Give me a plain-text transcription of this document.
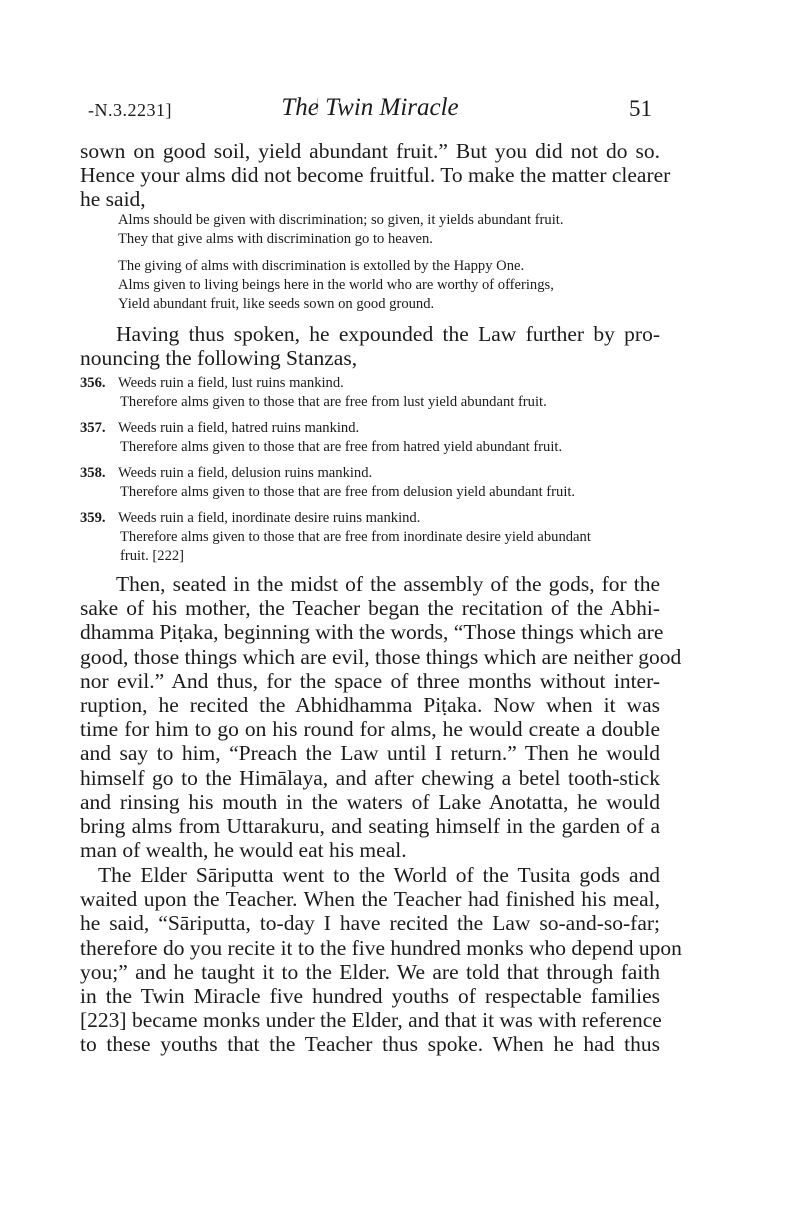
-N.3.2231]	The Twin Miracle	51
sown on good soil, yield abundant fruit.” But you did not do so.
Hence your alms did not become fruitful. To make the matter clearer
he said,
Alms should be given with discrimination; so given, it yields abundant fruit.
They that give alms with discrimination go to heaven.
The giving of alms with discrimination is extolled by the Happy One.
Alms given to living beings here in the world who are worthy of offerings,
Yield abundant fruit, like seeds sown on good ground.
Having thus spoken, he expounded the Law further by pro-
nouncing the following Stanzas,
356. Weeds ruin a field, lust ruins mankind.
Therefore alms given to those that are free from lust yield abundant fruit.
357. Weeds ruin a field, hatred ruins mankind.
Therefore alms given to those that are free from hatred yield abundant fruit.
358. Weeds ruin a field, delusion ruins mankind.
Therefore alms given to those that are free from delusion yield abundant fruit.
359. Weeds ruin a field, inordinate desire ruins mankind.
Therefore alms given to those that are free from inordinate desire yield abundant
fruit. [222]
Then, seated in the midst of the assembly of the gods, for the
sake of his mother, the Teacher began the recitation of the Abhi-
dhamma Piṭaka, beginning with the words, “Those things which are
good, those things which are evil, those things which are neither good
nor evil.” And thus, for the space of three months without inter-
ruption, he recited the Abhidhamma Piṭaka. Now when it was
time for him to go on his round for alms, he would create a double
and say to him, “Preach the Law until I return.” Then he would
himself go to the Himālaya, and after chewing a betel tooth-stick
and rinsing his mouth in the waters of Lake Anotatta, he would
bring alms from Uttarakuru, and seating himself in the garden of a
man of wealth, he would eat his meal.
The Elder Sāriputta went to the World of the Tusita gods and
waited upon the Teacher. When the Teacher had finished his meal,
he said, “Sāriputta, to-day I have recited the Law so-and-so-far;
therefore do you recite it to the five hundred monks who depend upon
you;” and he taught it to the Elder. We are told that through faith
in the Twin Miracle five hundred youths of respectable families
[223] became monks under the Elder, and that it was with reference
to these youths that the Teacher thus spoke. When he had thus
